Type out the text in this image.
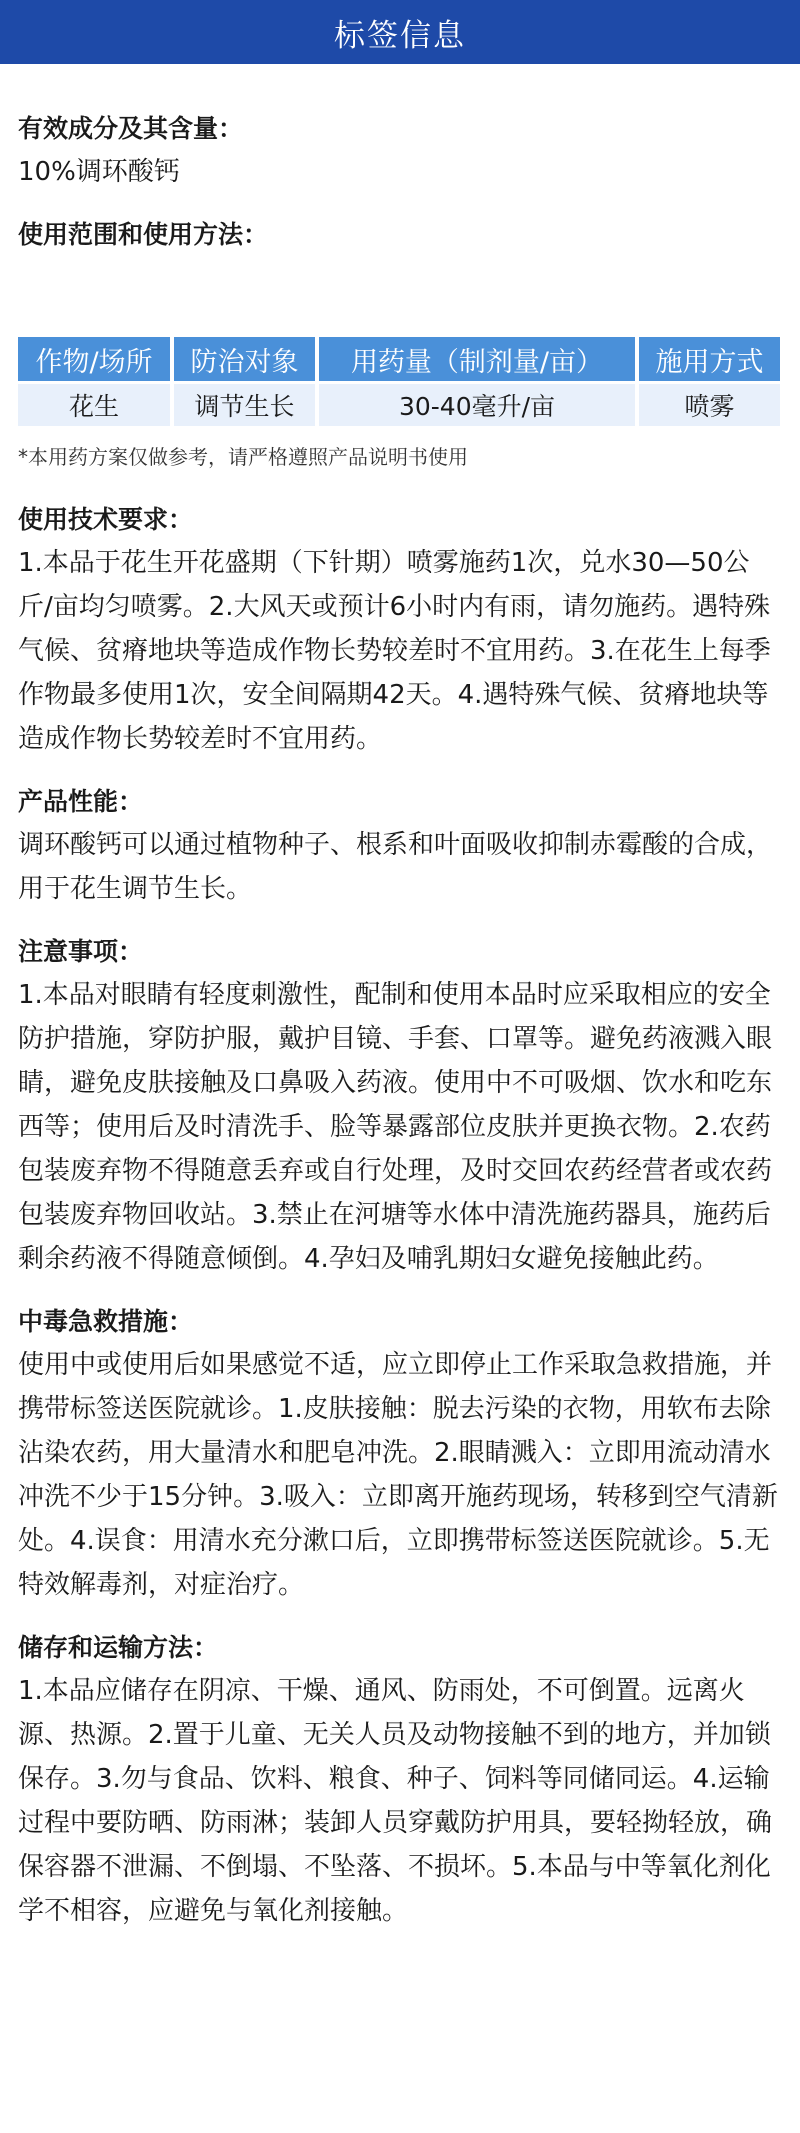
标签信息

有效成分及其含量：

10%调环酸钙

使用范围和使用方法：

作物/场所	防治对象	用药量（制剂量/亩）	施用方式
花生	调节生长	30-40毫升/亩	喷雾

*本用药方案仅做参考，请严格遵照产品说明书使用

使用技术要求：

1.本品于花生开花盛期（下针期）喷雾施药1次，兑水30—50公斤/亩均匀喷雾。2.大风天或预计6小时内有雨，请勿施药。遇特殊气候、贫瘠地块等造成作物长势较差时不宜用药。3.在花生上每季作物最多使用1次，安全间隔期42天。4.遇特殊气候、贫瘠地块等造成作物长势较差时不宜用药。

产品性能：

调环酸钙可以通过植物种子、根系和叶面吸收抑制赤霉酸的合成，用于花生调节生长。

注意事项：

1.本品对眼睛有轻度刺激性，配制和使用本品时应采取相应的安全防护措施，穿防护服，戴护目镜、手套、口罩等。避免药液溅入眼睛，避免皮肤接触及口鼻吸入药液。使用中不可吸烟、饮水和吃东西等；使用后及时清洗手、脸等暴露部位皮肤并更换衣物。2.农药包装废弃物不得随意丢弃或自行处理，及时交回农药经营者或农药包装废弃物回收站。3.禁止在河塘等水体中清洗施药器具，施药后剩余药液不得随意倾倒。4.孕妇及哺乳期妇女避免接触此药。

中毒急救措施：

使用中或使用后如果感觉不适，应立即停止工作采取急救措施，并携带标签送医院就诊。1.皮肤接触：脱去污染的衣物，用软布去除沾染农药，用大量清水和肥皂冲洗。2.眼睛溅入：立即用流动清水冲洗不少于15分钟。3.吸入：立即离开施药现场，转移到空气清新处。4.误食：用清水充分漱口后，立即携带标签送医院就诊。5.无特效解毒剂，对症治疗。

储存和运输方法：

1.本品应储存在阴凉、干燥、通风、防雨处，不可倒置。远离火源、热源。2.置于儿童、无关人员及动物接触不到的地方，并加锁保存。3.勿与食品、饮料、粮食、种子、饲料等同储同运。4.运输过程中要防晒、防雨淋；装卸人员穿戴防护用具，要轻拗轻放，确保容器不泄漏、不倒塌、不坠落、不损坏。5.本品与中等氧化剂化学不相容，应避免与氧化剂接触。
